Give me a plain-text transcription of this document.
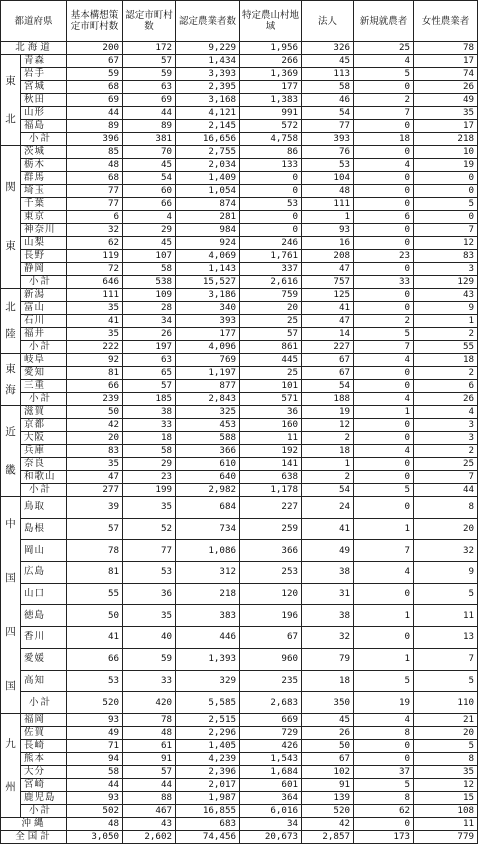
都道府県		基本構想策定市町村数	認定市町村数	認定農業者数	特定農山村地域	法人	新規就農者	女性農業者
北海道		200	172	9,229	1,956	326	25	78
東北	青森	67	57	1,434	266	45	4	17
	岩手	59	59	3,393	1,369	113	5	74
	宮城	68	63	2,395	177	58	0	26
	秋田	69	69	3,168	1,383	46	2	49
	山形	44	44	4,121	991	54	7	35
	福島	89	89	2,145	572	77	0	17
	小計	396	381	16,656	4,758	393	18	218
関東	茨城	85	70	2,755	86	76	0	10
	栃木	48	45	2,034	133	53	4	19
	群馬	68	54	1,409	0	104	0	0
	埼玉	77	60	1,054	0	48	0	0
	千葉	77	66	874	53	111	0	5
	東京	6	4	281	0	1	6	0
	神奈川	32	29	984	0	93	0	7
	山梨	62	45	924	246	16	0	12
	長野	119	107	4,069	1,761	208	23	83
	静岡	72	58	1,143	337	47	0	3
	小計	646	538	15,527	2,616	757	33	129
北陸	新潟	111	109	3,186	759	125	0	43
	富山	35	28	340	20	41	0	9
	石川	41	34	393	25	47	2	1
	福井	35	26	177	57	14	5	2
	小計	222	197	4,096	861	227	7	55
東海	岐阜	92	63	769	445	67	4	18
	愛知	81	65	1,197	25	67	0	2
	三重	66	57	877	101	54	0	6
	小計	239	185	2,843	571	188	4	26
近畿	滋賀	50	38	325	36	19	1	4
	京都	42	33	453	160	12	0	3
	大阪	20	18	588	11	2	0	3
	兵庫	83	58	366	192	18	4	2
	奈良	35	29	610	141	1	0	25
	和歌山	47	23	640	638	2	0	7
	小計	277	199	2,982	1,178	54	5	44
中国四国	鳥取	39	35	684	227	24	0	8
	島根	57	52	734	259	41	1	20
	岡山	78	77	1,086	366	49	7	32
	広島	81	53	312	253	38	4	9
	山口	55	36	218	120	31	0	5
	徳島	50	35	383	196	38	1	11
	香川	41	40	446	67	32	0	13
	愛媛	66	59	1,393	960	79	1	7
	高知	53	33	329	235	18	5	5
	小計	520	420	5,585	2,683	350	19	110
九州	福岡	93	78	2,515	669	45	4	21
	佐賀	49	48	2,296	729	26	8	20
	長崎	71	61	1,405	426	50	0	5
	熊本	94	91	4,239	1,543	67	0	8
	大分	58	57	2,396	1,684	102	37	35
	宮崎	44	44	2,017	601	91	5	12
	鹿児島	93	88	1,987	364	139	8	15
	小計	502	467	16,855	6,016	520	62	108
沖縄		48	43	683	34	42	0	11
全国計		3,050	2,602	74,456	20,673	2,857	173	779
